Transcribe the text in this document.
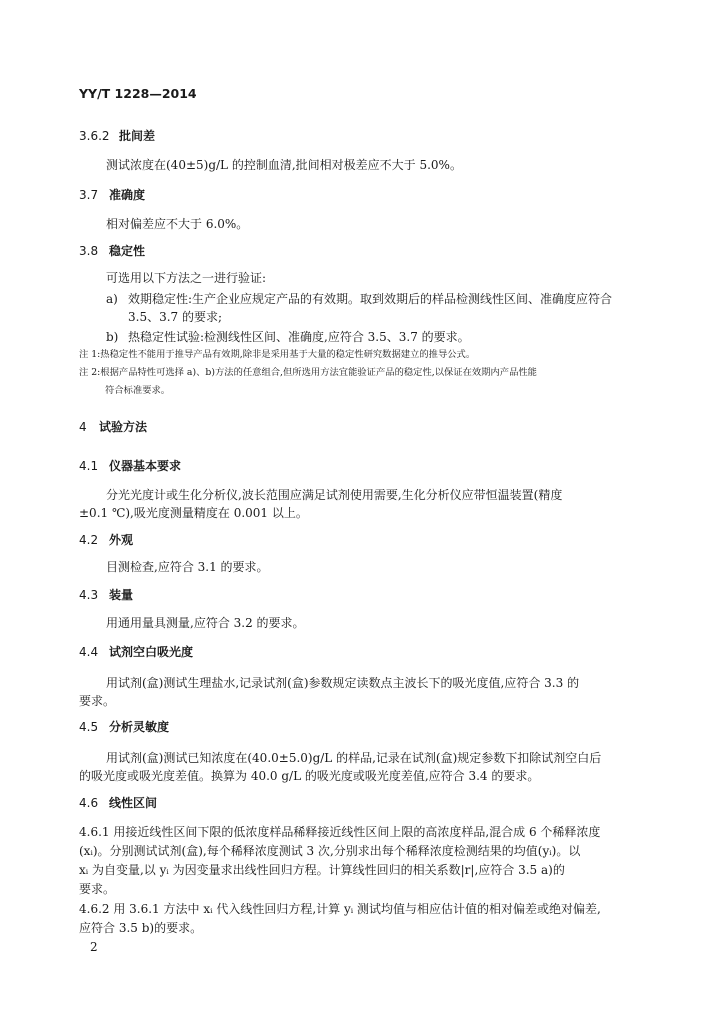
YY/T 1228—2014
3.6.2 批间差
测试浓度在(40±5)g/L 的控制血清,批间相对极差应不大于 5.0%。
3.7 准确度
相对偏差应不大于 6.0%。
3.8 稳定性
可选用以下方法之一进行验证:
a) 效期稳定性:生产企业应规定产品的有效期。取到效期后的样品检测线性区间、准确度应符合
3.5、3.7 的要求;
b) 热稳定性试验:检测线性区间、准确度,应符合 3.5、3.7 的要求。
注 1:热稳定性不能用于推导产品有效期,除非是采用基于大量的稳定性研究数据建立的推导公式。
注 2:根据产品特性可选择 a)、b)方法的任意组合,但所选用方法宜能验证产品的稳定性,以保证在效期内产品性能
符合标准要求。
4 试验方法
4.1 仪器基本要求
分光光度计或生化分析仪,波长范围应满足试剂使用需要,生化分析仪应带恒温装置(精度
±0.1 ℃),吸光度测量精度在 0.001 以上。
4.2 外观
目测检查,应符合 3.1 的要求。
4.3 装量
用通用量具测量,应符合 3.2 的要求。
4.4 试剂空白吸光度
用试剂(盒)测试生理盐水,记录试剂(盒)参数规定读数点主波长下的吸光度值,应符合 3.3 的
要求。
4.5 分析灵敏度
用试剂(盒)测试已知浓度在(40.0±5.0)g/L 的样品,记录在试剂(盒)规定参数下扣除试剂空白后
的吸光度或吸光度差值。换算为 40.0 g/L 的吸光度或吸光度差值,应符合 3.4 的要求。
4.6 线性区间
4.6.1 用接近线性区间下限的低浓度样品稀释接近线性区间上限的高浓度样品,混合成 6 个稀释浓度
(xᵢ)。分别测试试剂(盒),每个稀释浓度测试 3 次,分别求出每个稀释浓度检测结果的均值(yᵢ)。以
xᵢ 为自变量,以 yᵢ 为因变量求出线性回归方程。计算线性回归的相关系数|r|,应符合 3.5 a)的
要求。
4.6.2 用 3.6.1 方法中 xᵢ 代入线性回归方程,计算 yᵢ 测试均值与相应估计值的相对偏差或绝对偏差,
应符合 3.5 b)的要求。
2
